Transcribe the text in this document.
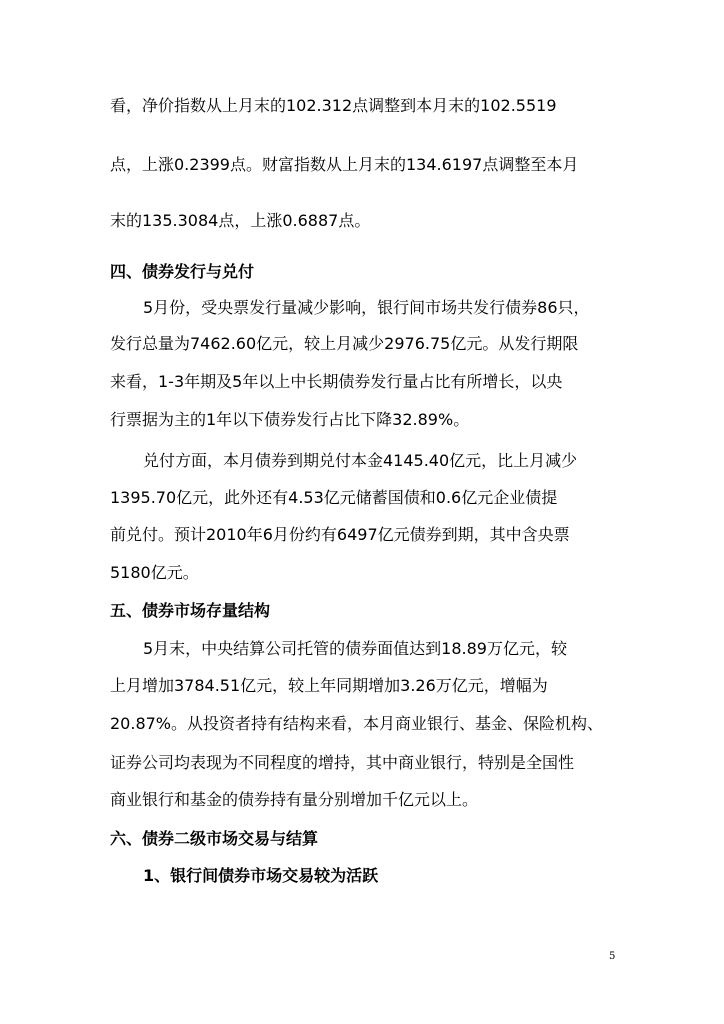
看，净价指数从上月末的102.312点调整到本月末的102.5519

点，上涨0.2399点。财富指数从上月末的134.6197点调整至本月

末的135.3084点，上涨0.6887点。

四、债券发行与兑付

5月份，受央票发行量减少影响，银行间市场共发行债券86只，

发行总量为7462.60亿元，较上月减少2976.75亿元。从发行期限

来看，1-3年期及5年以上中长期债券发行量占比有所增长，以央

行票据为主的1年以下债券发行占比下降32.89%。

兑付方面，本月债券到期兑付本金4145.40亿元，比上月减少

1395.70亿元，此外还有4.53亿元储蓄国债和0.6亿元企业债提

前兑付。预计2010年6月份约有6497亿元债券到期，其中含央票

5180亿元。

五、债券市场存量结构

5月末，中央结算公司托管的债券面值达到18.89万亿元，较

上月增加3784.51亿元，较上年同期增加3.26万亿元，增幅为

20.87%。从投资者持有结构来看，本月商业银行、基金、保险机构、

证券公司均表现为不同程度的增持，其中商业银行，特别是全国性

商业银行和基金的债券持有量分别增加千亿元以上。

六、债券二级市场交易与结算

1、银行间债券市场交易较为活跃

5
